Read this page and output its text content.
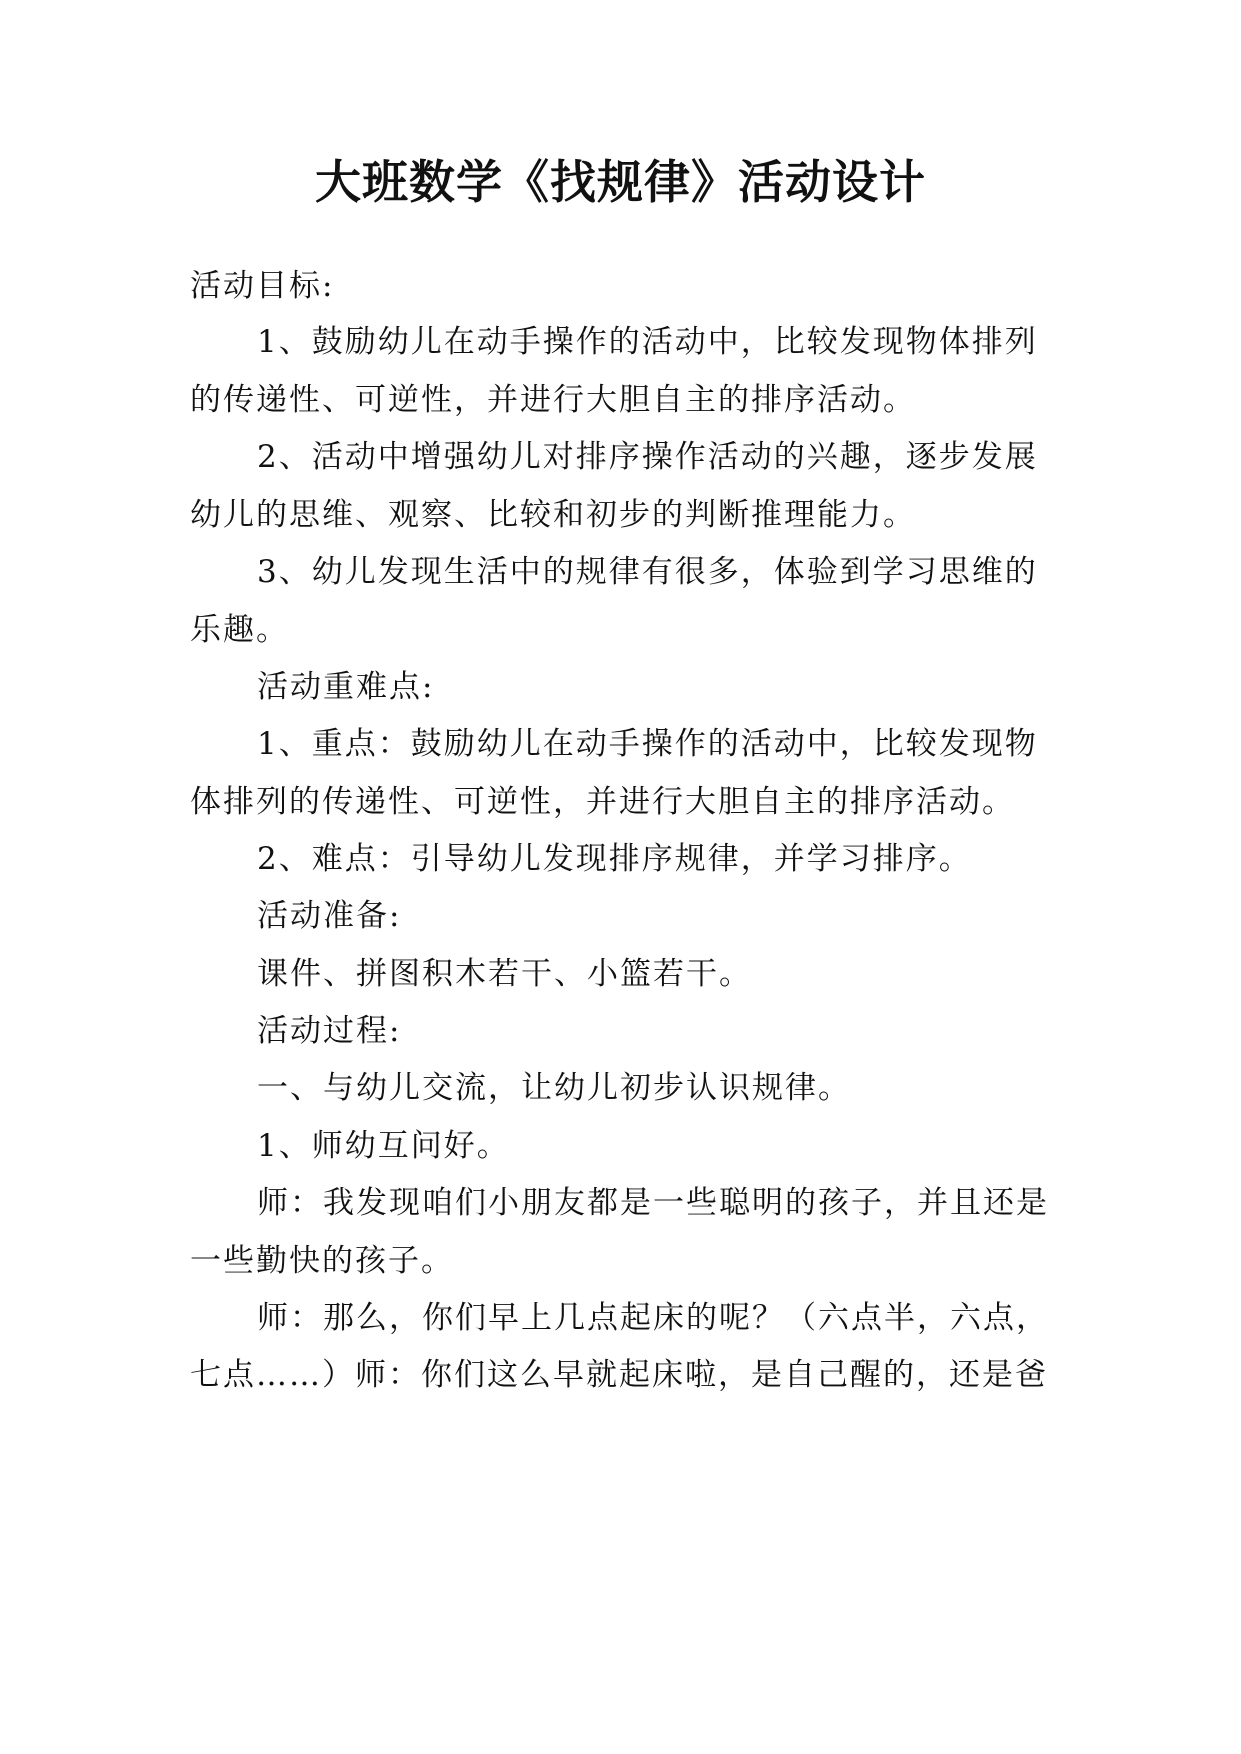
大班数学《找规律》活动设计
活动目标:
1、鼓励幼儿在动手操作的活动中，比较发现物体排列
的传递性、可逆性，并进行大胆自主的排序活动。
2、活动中增强幼儿对排序操作活动的兴趣，逐步发展
幼儿的思维、观察、比较和初步的判断推理能力。
3、幼儿发现生活中的规律有很多，体验到学习思维的
乐趣。
活动重难点:
1、重点：鼓励幼儿在动手操作的活动中，比较发现物
体排列的传递性、可逆性，并进行大胆自主的排序活动。
2、难点：引导幼儿发现排序规律，并学习排序。
活动准备:
课件、拼图积木若干、小篮若干。
活动过程:
一、与幼儿交流，让幼儿初步认识规律。
1、师幼互问好。
师：我发现咱们小朋友都是一些聪明的孩子，并且还是
一些勤快的孩子。
师：那么，你们早上几点起床的呢？（六点半，六点，
七点……）师：你们这么早就起床啦，是自己醒的，还是爸
